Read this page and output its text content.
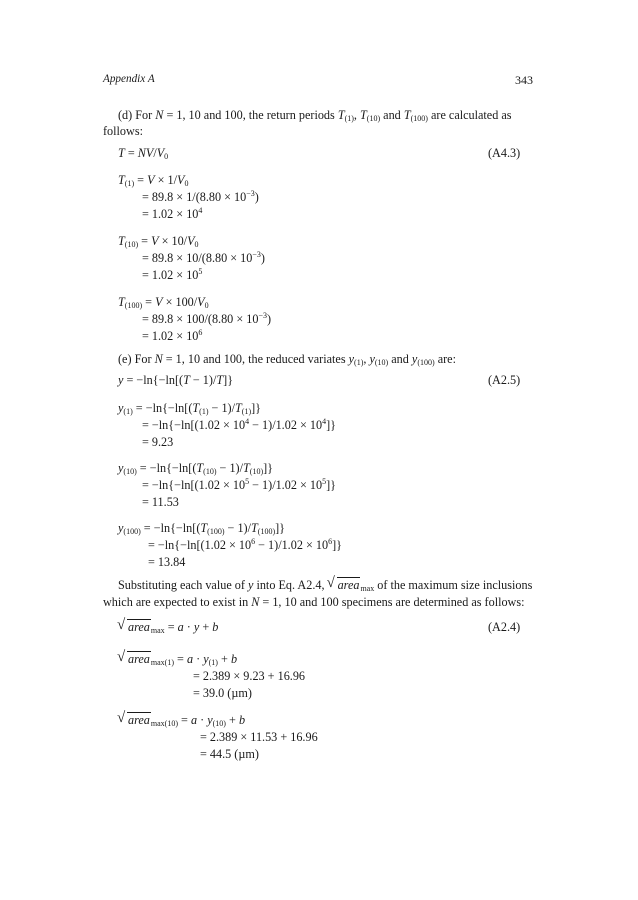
Appendix A	343
(d) For N = 1, 10 and 100, the return periods $T_{(1)}$, $T_{(10)}$ and $T_{(100)}$ are calculated as
follows:
$T = NV/V_0$	(A4.3)
$T_{(1)} = V \times 1/V_0$
= $89.8 \times 1/(8.80 \times 10^{-3})$
= $1.02 \times 10^4$
$T_{(10)} = V \times 10/V_0$
= $89.8 \times 10/(8.80 \times 10^{-3})$
= $1.02 \times 10^5$
$T_{(100)} = V \times 100/V_0$
= $89.8 \times 100/(8.80 \times 10^{-3})$
= $1.02 \times 10^6$
(e) For N = 1, 10 and 100, the reduced variates $y_{(1)}$, $y_{(10)}$ and $y_{(100)}$ are:
y = −ln{−ln[(T − 1)/T]}	(A2.5)
$y_{(1)} = -\ln\{-\ln[(T_{(1)} - 1)/T_{(1)}]\}$
= $-\ln\{-\ln[(1.02 \times 10^4 - 1)/1.02 \times 10^4]\}$
= 9.23
$y_{(10)} = -\ln\{-\ln[(T_{(10)} - 1)/T_{(10)}]\}$
= $-\ln\{-\ln[(1.02 \times 10^5 - 1)/1.02 \times 10^5]\}$
= 11.53
$y_{(100)} = -\ln\{-\ln[(T_{(100)} - 1)/T_{(100)}]\}$
= $-\ln\{-\ln[(1.02 \times 10^6 - 1)/1.02 \times 10^6]\}$
= 13.84
Substituting each value of y into Eq. A2.4, √ area$_{max}$ of the maximum size inclusions
which are expected to exist in N = 1, 10 and 100 specimens are determined as follows:
√ area$_{max}$ = a · y + b	(A2.4)
√ area$_{max(1)}$ = $a \cdot y_{(1)} + b$
= 2.389 × 9.23 + 16.96
= 39.0 (µm)
√ area$_{max(10)}$ = $a \cdot y_{(10)} + b$
= 2.389 × 11.53 + 16.96
= 44.5 (µm)
